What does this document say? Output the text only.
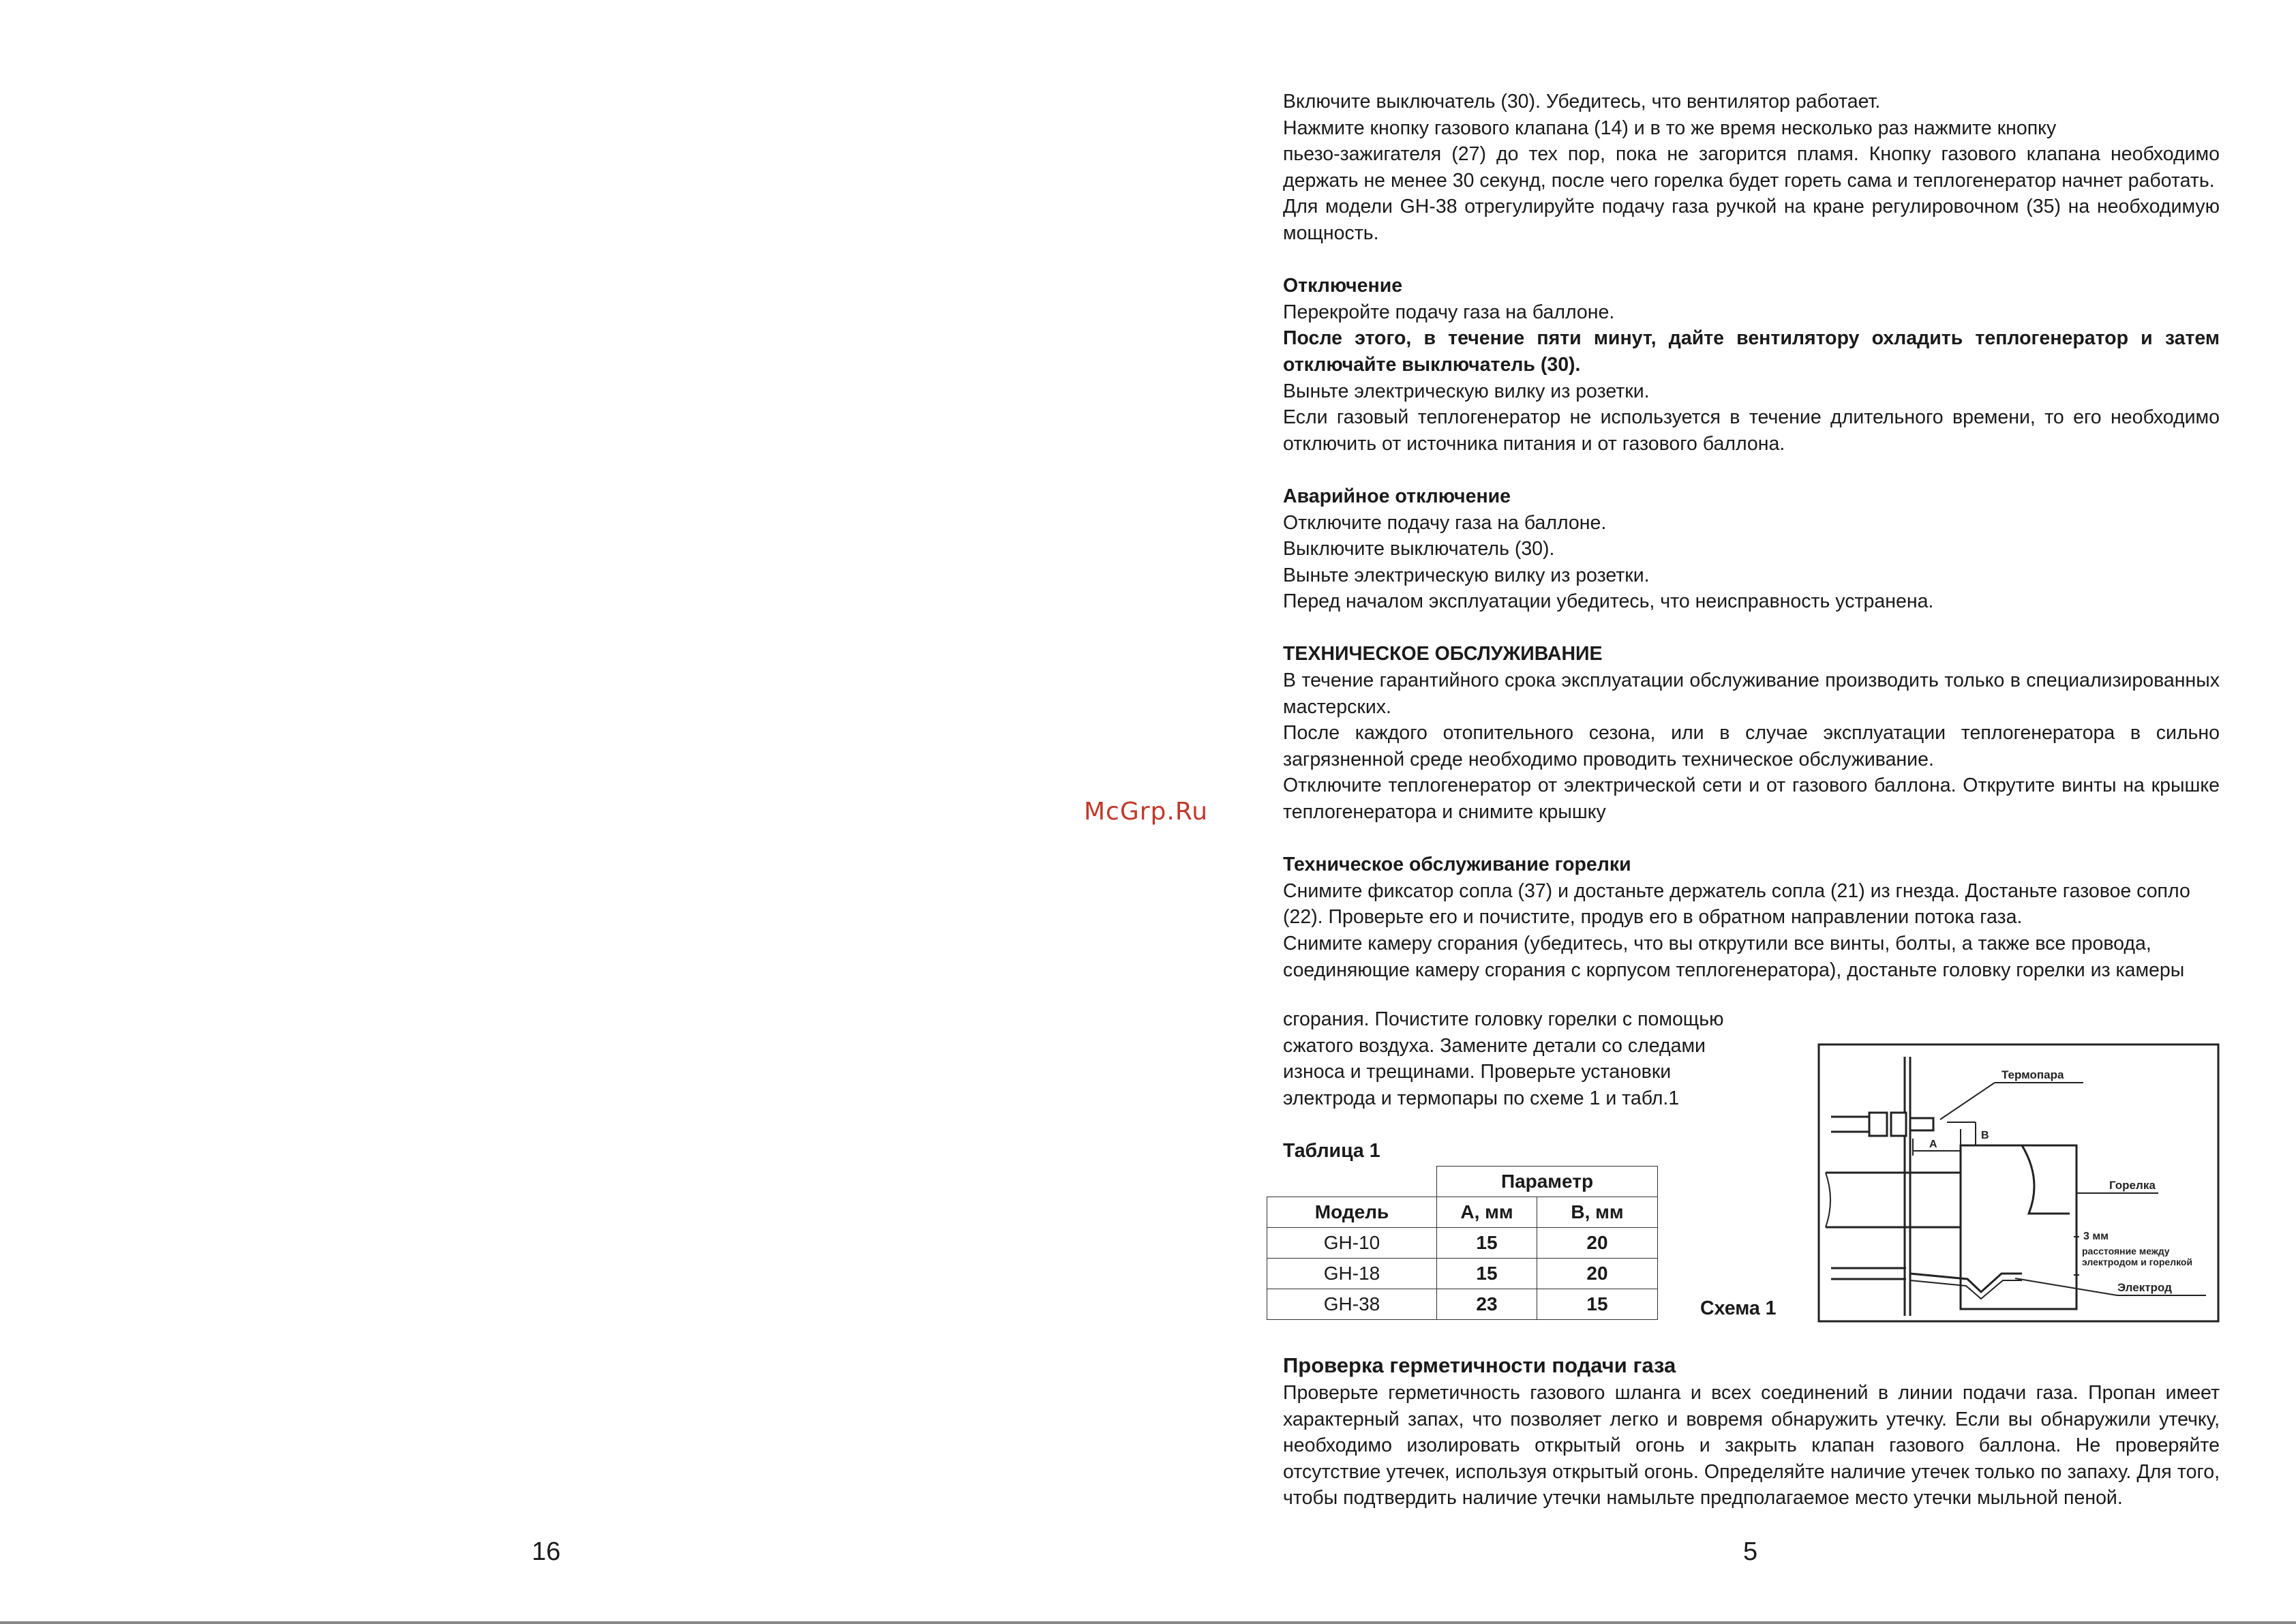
McGrp.Ru

Включите выключатель (30). Убедитесь, что вентилятор работает.

Нажмите кнопку газового клапана (14) и в то же время несколько раз нажмите кнопку

пьезо-зажигателя (27) до тех пор, пока не загорится пламя. Кнопку газового клапана необходимо держать не менее 30 секунд, после чего горелка будет гореть сама и теплогенератор начнет работать.

Для модели GH-38 отрегулируйте подачу газа ручкой на кране регулировочном (35) на необходимую мощность.

Отключение

Перекройте подачу газа на баллоне.

После этого, в течение пяти минут, дайте вентилятору охладить теплогенератор и затем отключайте выключатель (30).

Выньте электрическую вилку из розетки.

Если газовый теплогенератор не используется в течение длительного времени, то его необходимо отключить от источника питания и от газового баллона.

Аварийное отключение

Отключите подачу газа на баллоне.

Выключите выключатель (30).

Выньте электрическую вилку из розетки.

Перед началом эксплуатации убедитесь, что неисправность устранена.

ТЕХНИЧЕСКОЕ ОБСЛУЖИВАНИЕ

В течение гарантийного срока эксплуатации обслуживание производить только в специализированных мастерских.

После каждого отопительного сезона, или в случае эксплуатации теплогенератора в сильно загрязненной среде необходимо проводить техническое обслуживание.

Отключите теплогенератор от электрической сети и от газового баллона. Открутите винты на крышке теплогенератора и снимите крышку

Техническое обслуживание горелки

Снимите фиксатор сопла (37) и достаньте держатель сопла (21) из гнезда. Достаньте газовое сопло (22). Проверьте его и почистите, продув его в обратном направлении потока газа.

Снимите камеру сгорания (убедитесь, что вы открутили все винты, болты, а также все провода, соединяющие камеру сгорания с корпусом теплогенератора), достаньте головку горелки из камеры

сгорания. Почистите головку горелки с помощью
сжатого воздуха. Замените детали со следами
износа и трещинами. Проверьте установки
электрода и термопары по схеме 1 и табл.1
Таблица 1
	Параметр	
Модель	А, мм	В, мм
GH-10	15	20
GH-18	15	20
GH-38	23	15	Схема 1
Термопара
А
В
Горелка
3 мм
расстояние между
электродом и горелкой
Электрод
Проверка герметичности подачи газа

Проверьте герметичность газового шланга и всех соединений в линии подачи газа. Пропан имеет характерный запах, что позволяет легко и вовремя обнаружить утечку. Если вы обнаружили утечку, необходимо изолировать открытый огонь и закрыть клапан газового баллона. Не проверяйте отсутствие утечек, используя открытый огонь. Определяйте наличие утечек только по запаху. Для того, чтобы подтвердить наличие утечки намыльте предполагаемое место утечки мыльной пеной.

16	5
